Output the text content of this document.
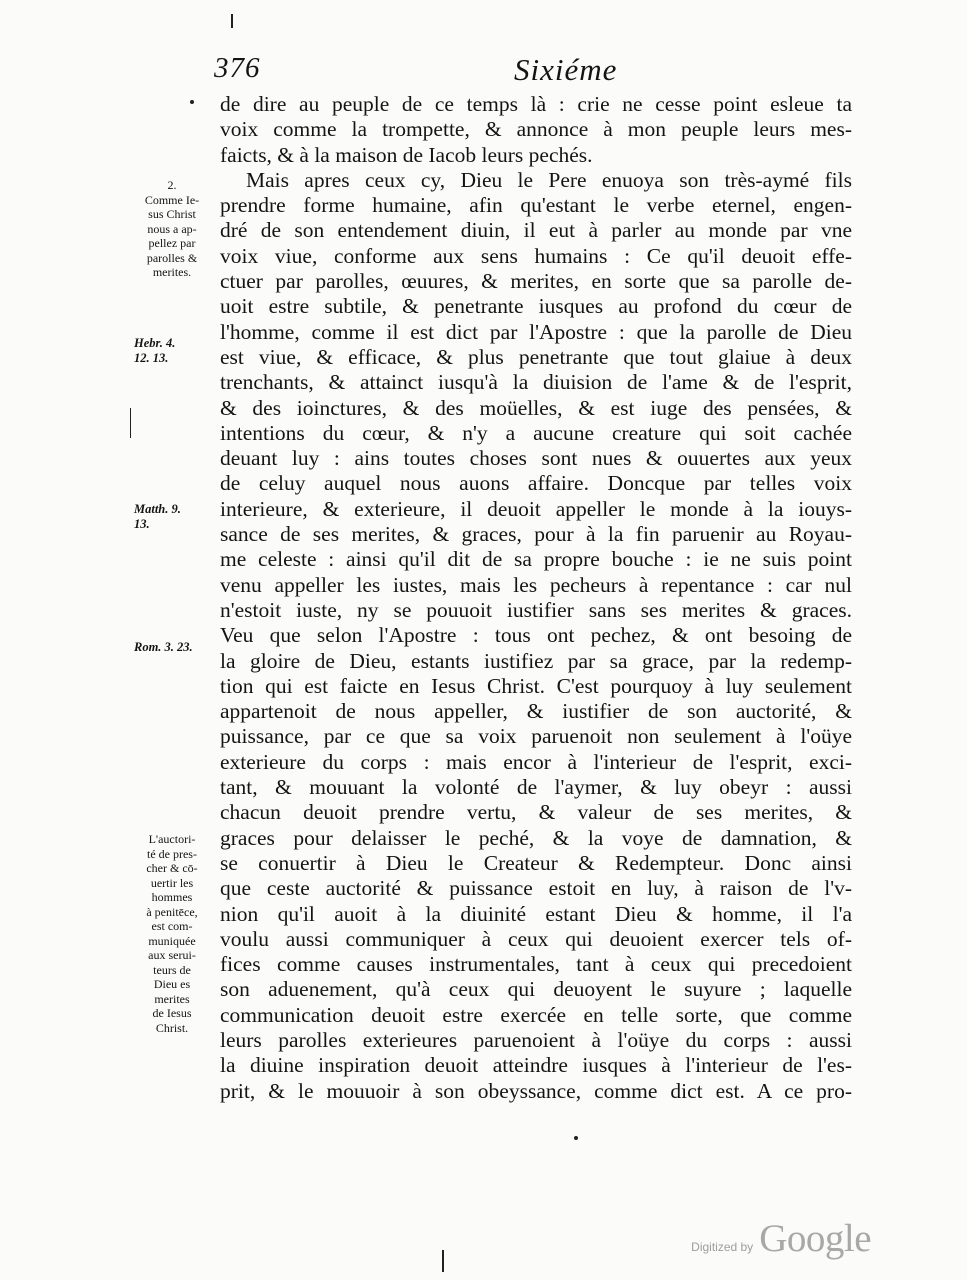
376	Sixiéme
de dire au peuple de ce temps là : crie ne cesse point esleue ta
voix comme la trompette, & annonce à mon peuple leurs mes-
faicts, & à la maison de Iacob leurs pechés.
Mais apres ceux cy, Dieu le Pere enuoya son très-aymé fils
prendre forme humaine, afin qu'estant le verbe eternel, engen-
dré de son entendement diuin, il eut à parler au monde par vne
voix viue, conforme aux sens humains : Ce qu'il deuoit effe-
ctuer par parolles, œuures, & merites, en sorte que sa parolle de-
uoit estre subtile, & penetrante iusques au profond du cœur de
l'homme, comme il est dict par l'Apostre : que la parolle de Dieu
est viue, & efficace, & plus penetrante que tout glaiue à deux
trenchants, & attainct iusqu'à la diuision de l'ame & de l'esprit,
& des ioinctures, & des moüelles, & est iuge des pensées, &
intentions du cœur, & n'y a aucune creature qui soit cachée
deuant luy : ains toutes choses sont nues & ouuertes aux yeux
de celuy auquel nous auons affaire. Doncque par telles voix
interieure, & exterieure, il deuoit appeller le monde à la iouys-
sance de ses merites, & graces, pour à la fin paruenir au Royau-
me celeste : ainsi qu'il dit de sa propre bouche : ie ne suis point
venu appeller les iustes, mais les pecheurs à repentance : car nul
n'estoit iuste, ny se pouuoit iustifier sans ses merites & graces.
Veu que selon l'Apostre : tous ont pechez, & ont besoing de
la gloire de Dieu, estants iustifiez par sa grace, par la redemp-
tion qui est faicte en Iesus Christ. C'est pourquoy à luy seulement
appartenoit de nous appeller, & iustifier de son auctorité, &
puissance, par ce que sa voix paruenoit non seulement à l'oüye
exterieure du corps : mais encor à l'interieur de l'esprit, exci-
tant, & mouuant la volonté de l'aymer, & luy obeyr : aussi
chacun deuoit prendre vertu, & valeur de ses merites, &
graces pour delaisser le peché, & la voye de damnation, &
se conuertir à Dieu le Createur & Redempteur. Donc ainsi
que ceste auctorité & puissance estoit en luy, à raison de l'v-
nion qu'il auoit à la diuinité estant Dieu & homme, il l'a
voulu aussi communiquer à ceux qui deuoient exercer tels of-
fices comme causes instrumentales, tant à ceux qui precedoient
son aduenement, qu'à ceux qui deuoyent le suyure ; laquelle
communication deuoit estre exercée en telle sorte, que comme
leurs parolles exterieures paruenoient à l'oüye du corps : aussi
la diuine inspiration deuoit atteindre iusques à l'interieur de l'es-
prit, & le mouuoir à son obeyssance, comme dict est. A ce pro-
2.
Comme Ie-
sus Christ
nous a ap-
pellez par
parolles &
merites.
Hebr. 4.
12. 13.
Matth. 9.
13.
Rom. 3. 23.
L'auctori-
té de pres-
cher & cō-
uertir les
hommes
à penitēce,
est com-
muniquée
aux serui-
teurs de
Dieu es
merites
de Iesus
Christ.
Digitized by Google
